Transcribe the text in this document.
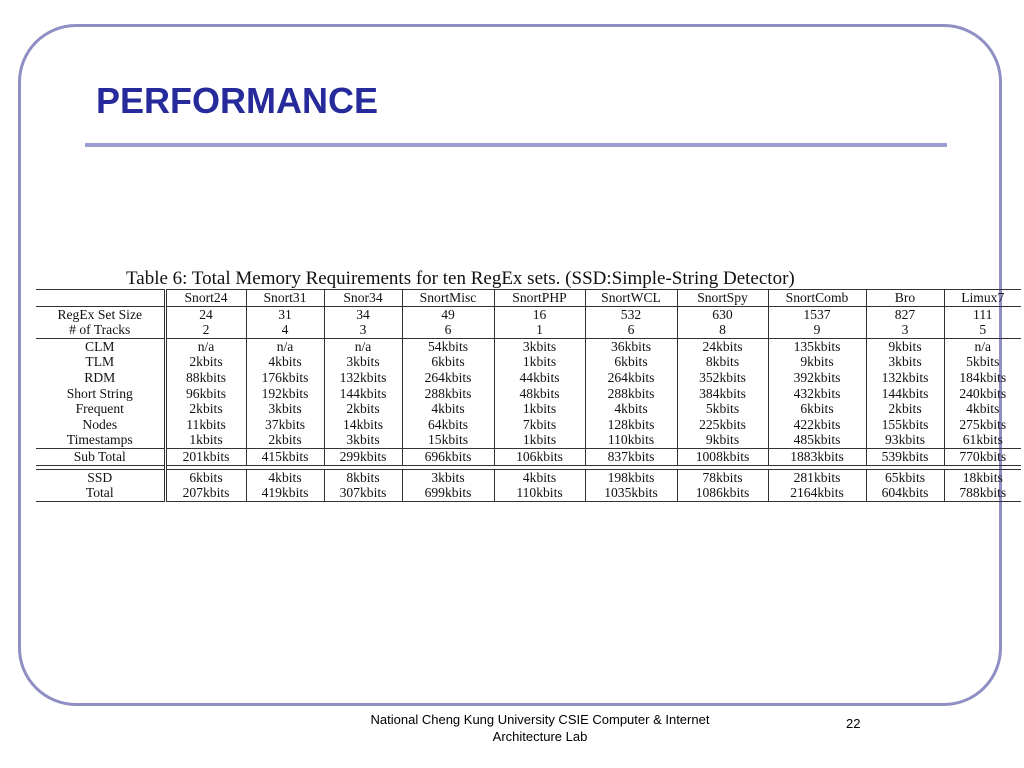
PERFORMANCE
Table 6: Total Memory Requirements for ten RegEx sets. (SSD:Simple-String Detector)
	Snort24	Snort31	Snor34	SnortMisc	SnortPHP	SnortWCL	SnortSpy	SnortComb	Bro	Limux7
RegEx Set Size	24	31	34	49	16	532	630	1537	827	111
# of Tracks	2	4	3	6	1	6	8	9	3	5
CLM	n/a	n/a	n/a	54kbits	3kbits	36kbits	24kbits	135kbits	9kbits	n/a
TLM	2kbits	4kbits	3kbits	6kbits	1kbits	6kbits	8kbits	9kbits	3kbits	5kbits
RDM	88kbits	176kbits	132kbits	264kbits	44kbits	264kbits	352kbits	392kbits	132kbits	184kbits
Short String	96kbits	192kbits	144kbits	288kbits	48kbits	288kbits	384kbits	432kbits	144kbits	240kbits
Frequent	2kbits	3kbits	2kbits	4kbits	1kbits	4kbits	5kbits	6kbits	2kbits	4kbits
Nodes	11kbits	37kbits	14kbits	64kbits	7kbits	128kbits	225kbits	422kbits	155kbits	275kbits
Timestamps	1kbits	2kbits	3kbits	15kbits	1kbits	110kbits	9kbits	485kbits	93kbits	61kbits
Sub Total	201kbits	415kbits	299kbits	696kbits	106kbits	837kbits	1008kbits	1883kbits	539kbits	770kbits

SSD	6kbits	4kbits	8kbits	3kbits	4kbits	198kbits	78kbits	281kbits	65kbits	18kbits
Total	207kbits	419kbits	307kbits	699kbits	110kbits	1035kbits	1086kbits	2164kbits	604kbits	788kbits
National Cheng Kung University CSIE Computer & Internet Architecture Lab
22
